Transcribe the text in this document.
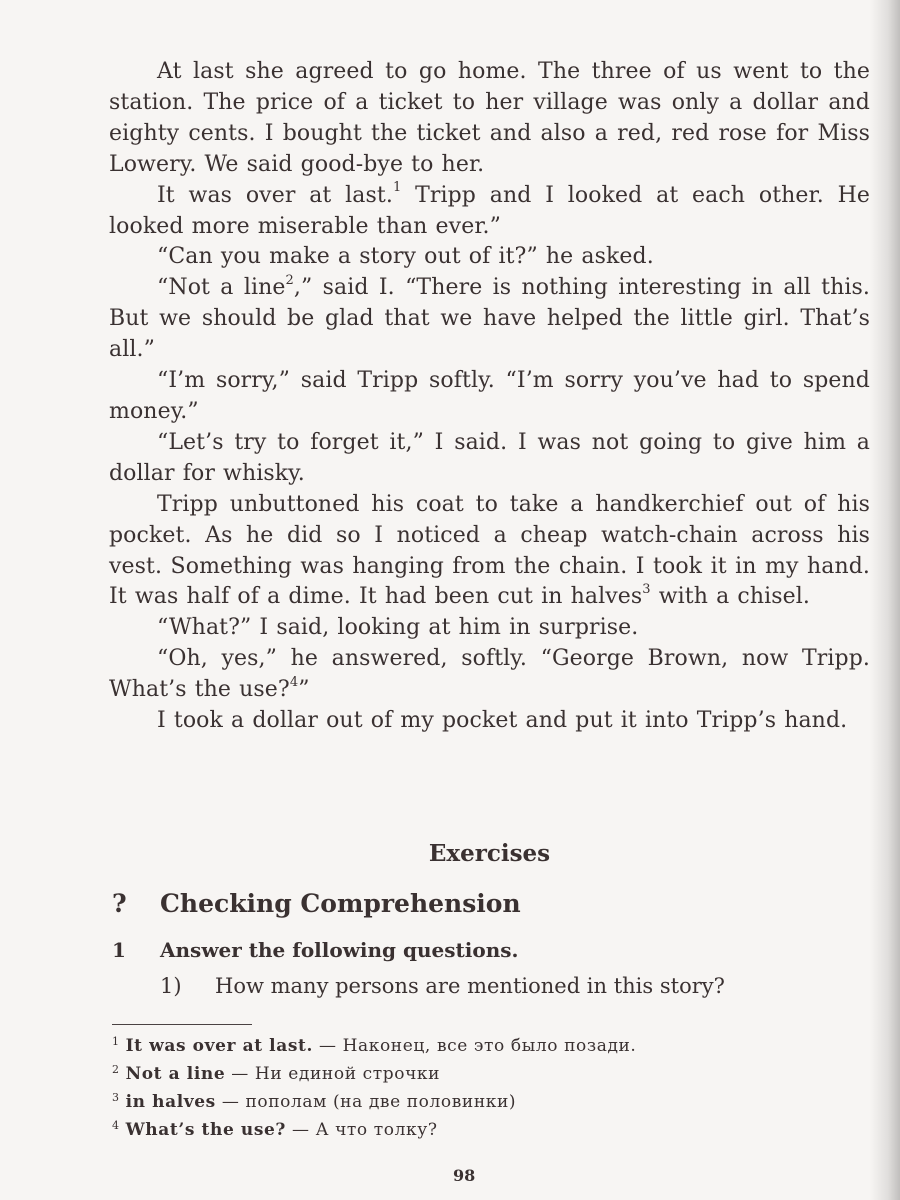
At last she agreed to go home. The three of us went to the station. The price of a ticket to her village was only a dollar and eighty cents. I bought the ticket and also a red, red rose for Miss Lowery. We said good-bye to her.

It was over at last.$^1$ Tripp and I looked at each other. He looked more miserable than ever.”

“Can you make a story out of it?” he asked.

“Not a line$^2$,” said I. “There is nothing interesting in all this. But we should be glad that we have helped the little girl. That’s all.”

“I’m sorry,” said Tripp softly. “I’m sorry you’ve had to spend money.”

“Let’s try to forget it,” I said. I was not going to give him a dollar for whisky.

Tripp unbuttoned his coat to take a handkerchief out of his pocket. As he did so I noticed a cheap watch-chain across his vest. Something was hanging from the chain. I took it in my hand. It was half of a dime. It had been cut in halves$^3$ with a chisel.

“What?” I said, looking at him in surprise.

“Oh, yes,” he answered, softly. “George Brown, now Tripp. What’s the use?$^4$”

I took a dollar out of my pocket and put it into Tripp’s hand.

Exercises
? Checking Comprehension
1 Answer the following questions.
1) How many persons are mentioned in this story?
$^1$ It was over at last. — Наконец, все это было позади.
$^2$ Not a line — Ни единой строчки
$^3$ in halves — пополам (на две половинки)
$^4$ What’s the use? — А что толку?
98
